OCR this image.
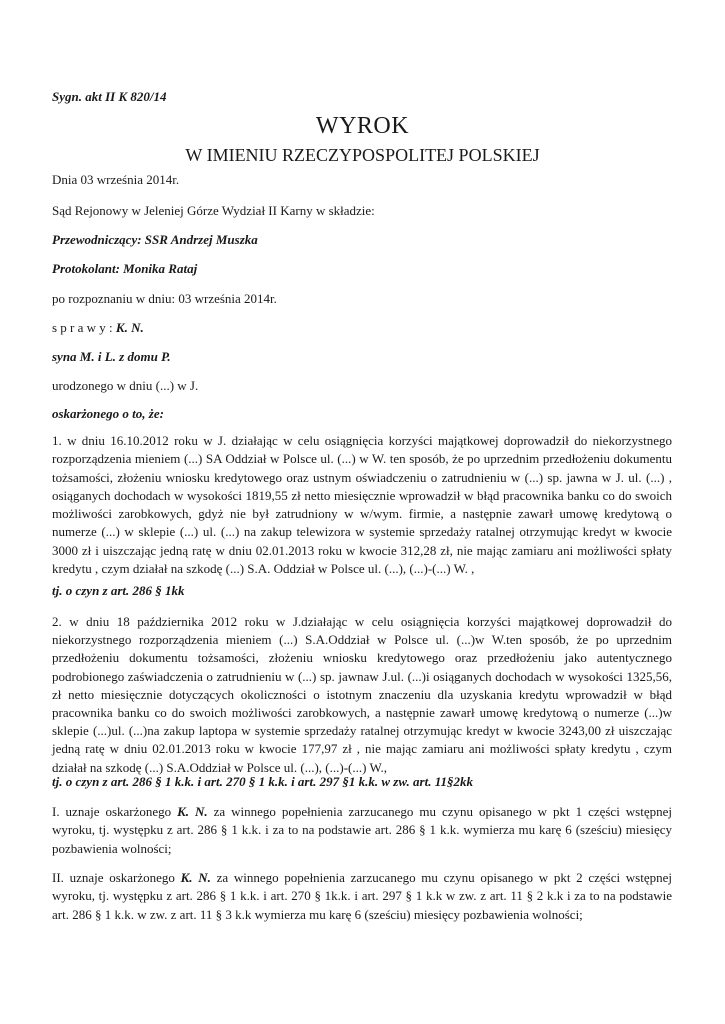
Sygn. akt II K 820/14
WYROK
W IMIENIU RZECZYPOSPOLITEJ POLSKIEJ
Dnia 03 września 2014r.
Sąd Rejonowy w Jeleniej Górze Wydział II Karny w składzie:
Przewodniczący: SSR Andrzej Muszka
Protokolant: Monika Rataj
po rozpoznaniu w dniu: 03 września 2014r.
s p r a w y : K. N.
syna M. i L. z domu P.
urodzonego w dniu (...) w J.
oskarżonego o to, że:
1. w dniu 16.10.2012 roku w J. działając w celu osiągnięcia korzyści majątkowej doprowadził do niekorzystnego rozporządzenia mieniem (...) SA Oddział w Polsce ul. (...) w W. ten sposób, że po uprzednim przedłożeniu dokumentu tożsamości, złożeniu wniosku kredytowego oraz ustnym oświadczeniu o zatrudnieniu w (...) sp. jawna w J. ul. (...) , osiąganych dochodach w wysokości 1819,55 zł netto miesięcznie wprowadził w błąd pracownika banku co do swoich możliwości zarobkowych, gdyż nie był zatrudniony w w/wym. firmie, a następnie zawarł umowę kredytową o numerze (...) w sklepie (...) ul. (...) na zakup telewizora w systemie sprzedaży ratalnej otrzymując kredyt w kwocie 3000 zł i uiszczając jedną ratę w dniu 02.01.2013 roku w kwocie 312,28 zł, nie mając zamiaru ani możliwości spłaty kredytu , czym działał na szkodę (...) S.A. Oddział w Polsce ul. (...), (...)-(...) W. ,
tj. o czyn z art. 286 § 1kk
2. w dniu 18 października 2012 roku w J.działając w celu osiągnięcia korzyści majątkowej doprowadził do niekorzystnego rozporządzenia mieniem (...) S.A.Oddział w Polsce ul. (...)w W.ten sposób, że po uprzednim przedłożeniu dokumentu tożsamości, złożeniu wniosku kredytowego oraz przedłożeniu jako autentycznego podrobionego zaświadczenia o zatrudnieniu w (...) sp. jawnaw J.ul. (...)i osiąganych dochodach w wysokości 1325,56, zł netto miesięcznie dotyczących okoliczności o istotnym znaczeniu dla uzyskania kredytu wprowadził w błąd pracownika banku co do swoich możliwości zarobkowych, a następnie zawarł umowę kredytową o numerze (...)w sklepie (...)ul. (...)na zakup laptopa w systemie sprzedaży ratalnej otrzymując kredyt w kwocie 3243,00 zł uiszczając jedną ratę w dniu 02.01.2013 roku w kwocie 177,97 zł , nie mając zamiaru ani możliwości spłaty kredytu , czym działał na szkodę (...) S.A.Oddział w Polsce ul. (...), (...)-(...) W.,
tj. o czyn z art. 286 § 1 k.k. i art. 270 § 1 k.k. i art. 297 §1 k.k. w zw. art. 11§2kk
I. uznaje oskarżonego K. N. za winnego popełnienia zarzucanego mu czynu opisanego w pkt 1 części wstępnej wyroku, tj. występku z art. 286 § 1 k.k. i za to na podstawie art. 286 § 1 k.k. wymierza mu karę 6 (sześciu) miesięcy pozbawienia wolności;
II. uznaje oskarżonego K. N. za winnego popełnienia zarzucanego mu czynu opisanego w pkt 2 części wstępnej wyroku, tj. występku z art. 286 § 1 k.k. i art. 270 § 1k.k. i art. 297 § 1 k.k w zw. z art. 11 § 2 k.k i za to na podstawie art. 286 § 1 k.k. w zw. z art. 11 § 3 k.k wymierza mu karę 6 (sześciu) miesięcy pozbawienia wolności;
